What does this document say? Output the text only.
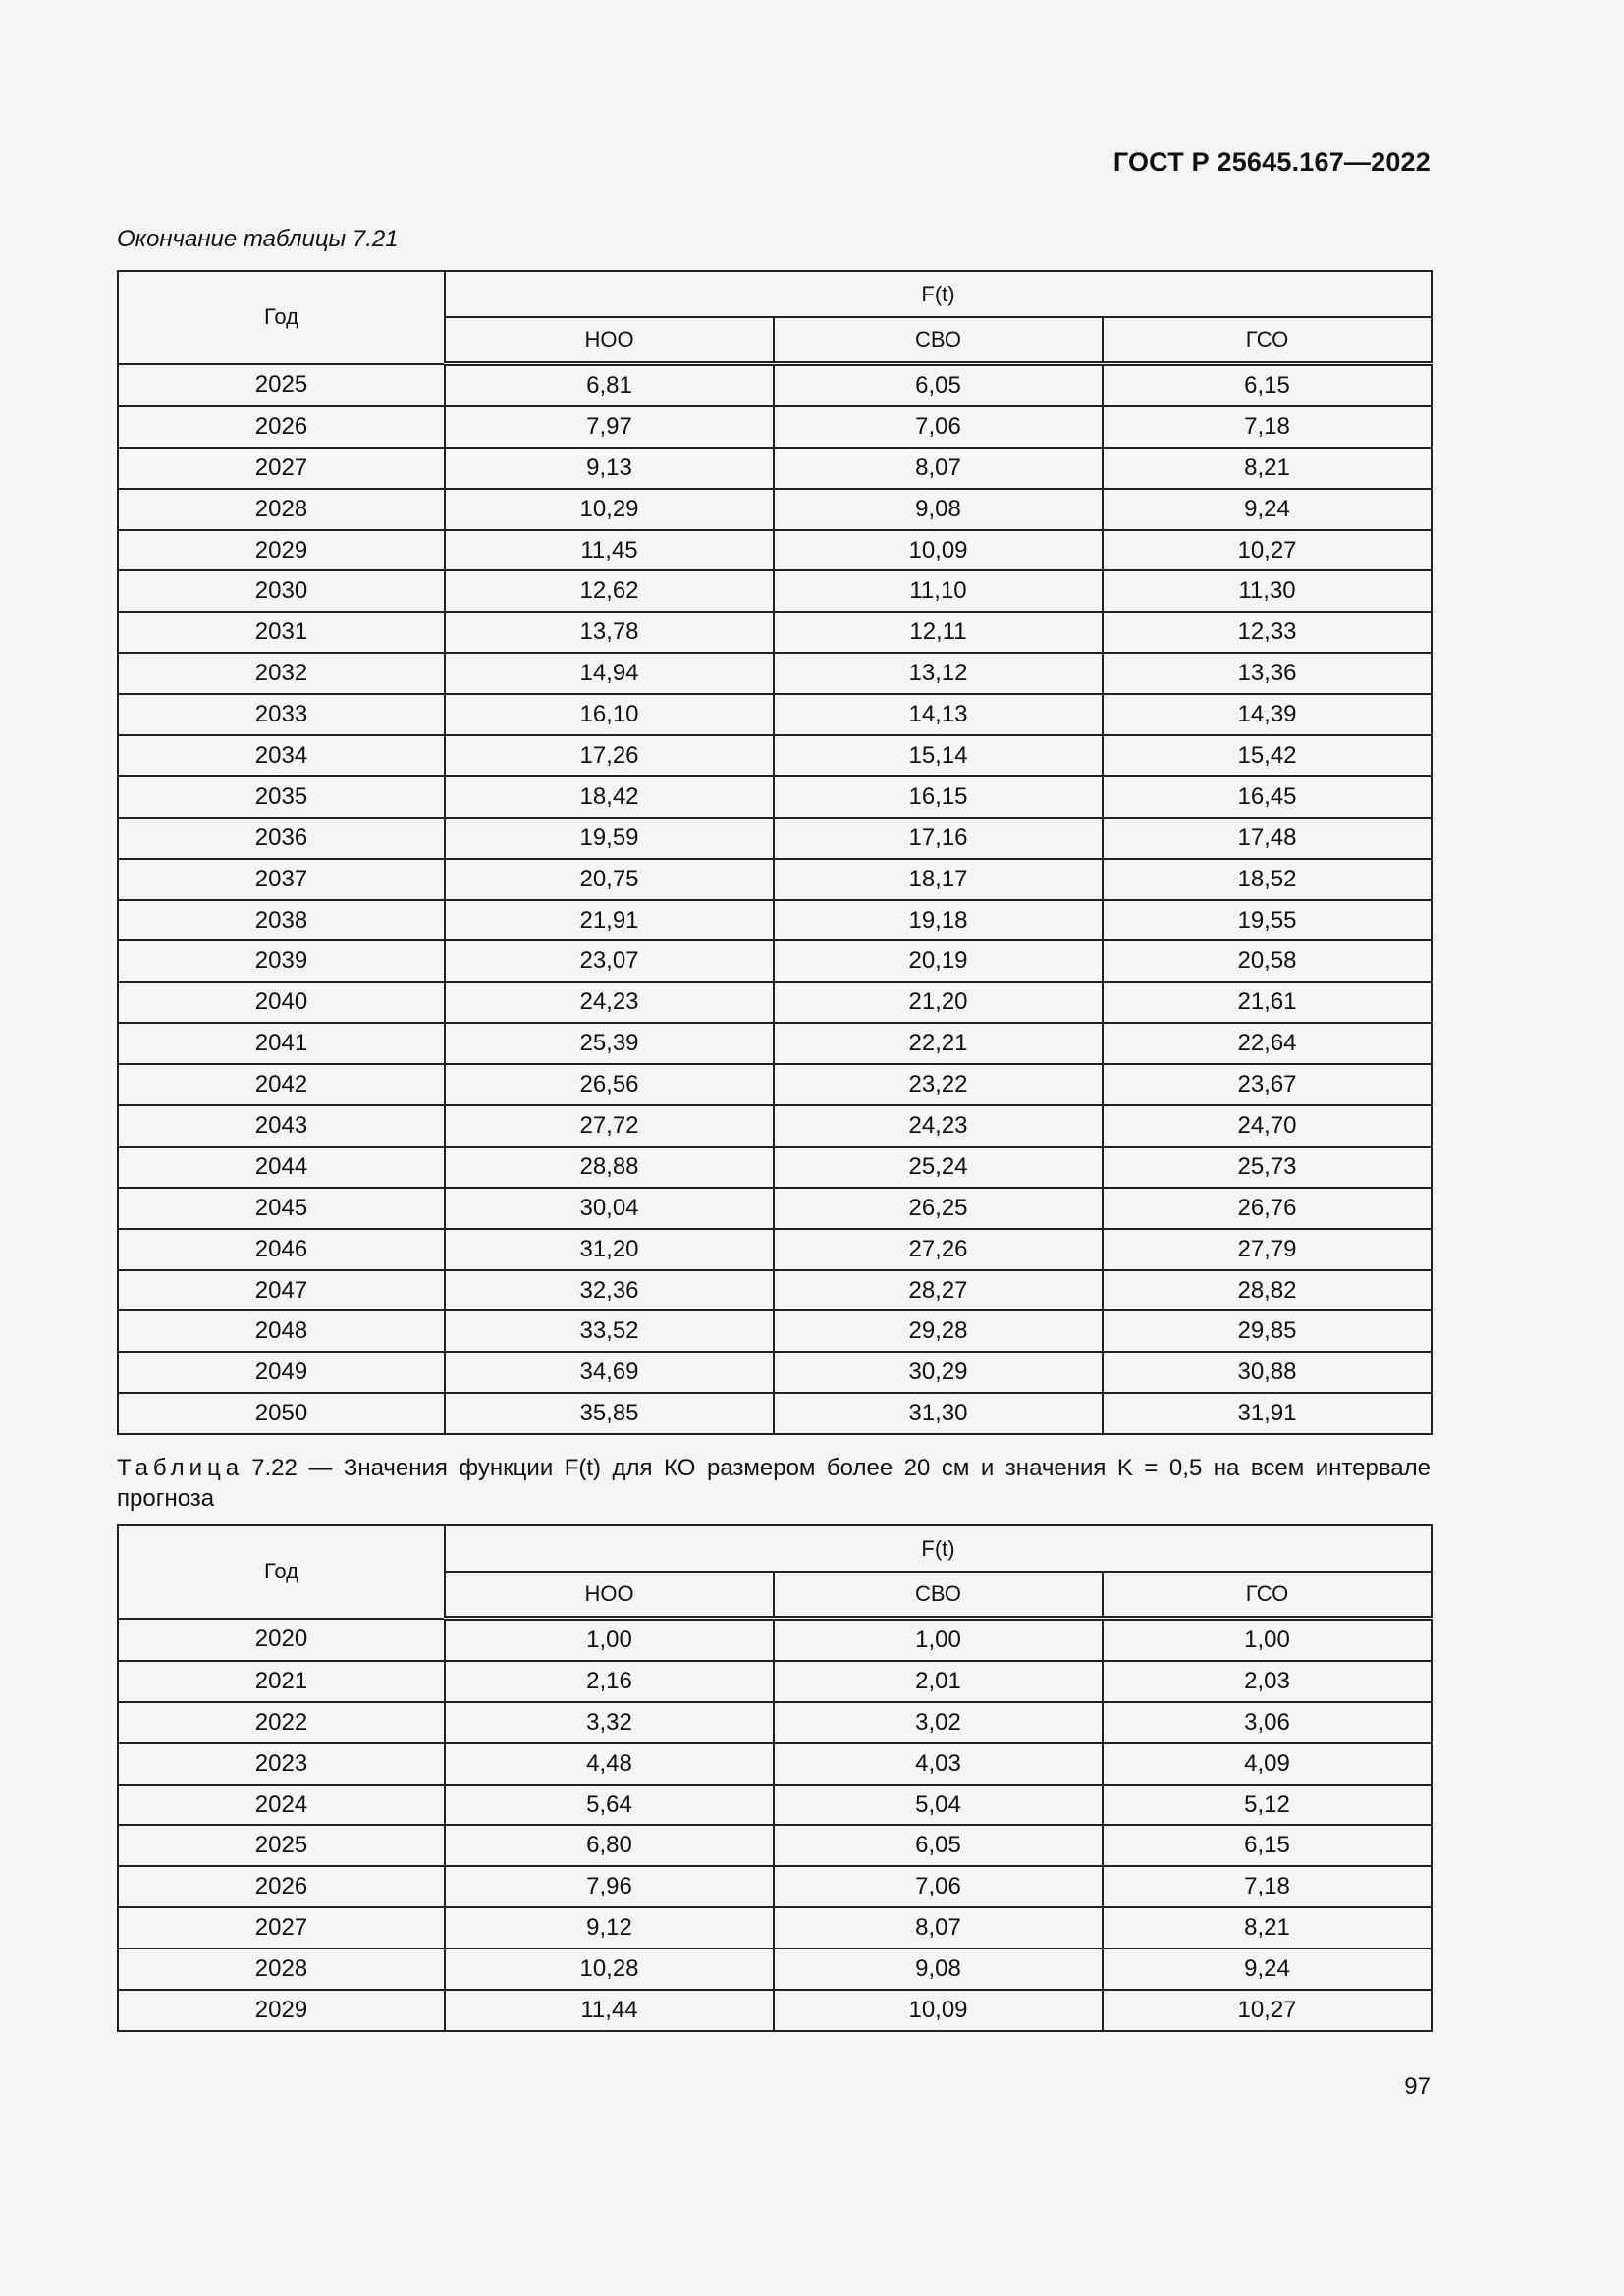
ГОСТ Р 25645.167—2022
Окончание таблицы 7.21
Год	F(t)		
	НОО	СВО	ГСО
2025	6,81	6,05	6,15
2026	7,97	7,06	7,18
2027	9,13	8,07	8,21
2028	10,29	9,08	9,24
2029	11,45	10,09	10,27
2030	12,62	11,10	11,30
2031	13,78	12,11	12,33
2032	14,94	13,12	13,36
2033	16,10	14,13	14,39
2034	17,26	15,14	15,42
2035	18,42	16,15	16,45
2036	19,59	17,16	17,48
2037	20,75	18,17	18,52
2038	21,91	19,18	19,55
2039	23,07	20,19	20,58
2040	24,23	21,20	21,61
2041	25,39	22,21	22,64
2042	26,56	23,22	23,67
2043	27,72	24,23	24,70
2044	28,88	25,24	25,73
2045	30,04	26,25	26,76
2046	31,20	27,26	27,79
2047	32,36	28,27	28,82
2048	33,52	29,28	29,85
2049	34,69	30,29	30,88
2050	35,85	31,30	31,91
Таблица 7.22 — Значения функции F(t) для КО размером более 20 см и значения K = 0,5 на всем интервале прогноза
Год	F(t)		
	НОО	СВО	ГСО
2020	1,00	1,00	1,00
2021	2,16	2,01	2,03
2022	3,32	3,02	3,06
2023	4,48	4,03	4,09
2024	5,64	5,04	5,12
2025	6,80	6,05	6,15
2026	7,96	7,06	7,18
2027	9,12	8,07	8,21
2028	10,28	9,08	9,24
2029	11,44	10,09	10,27
97
